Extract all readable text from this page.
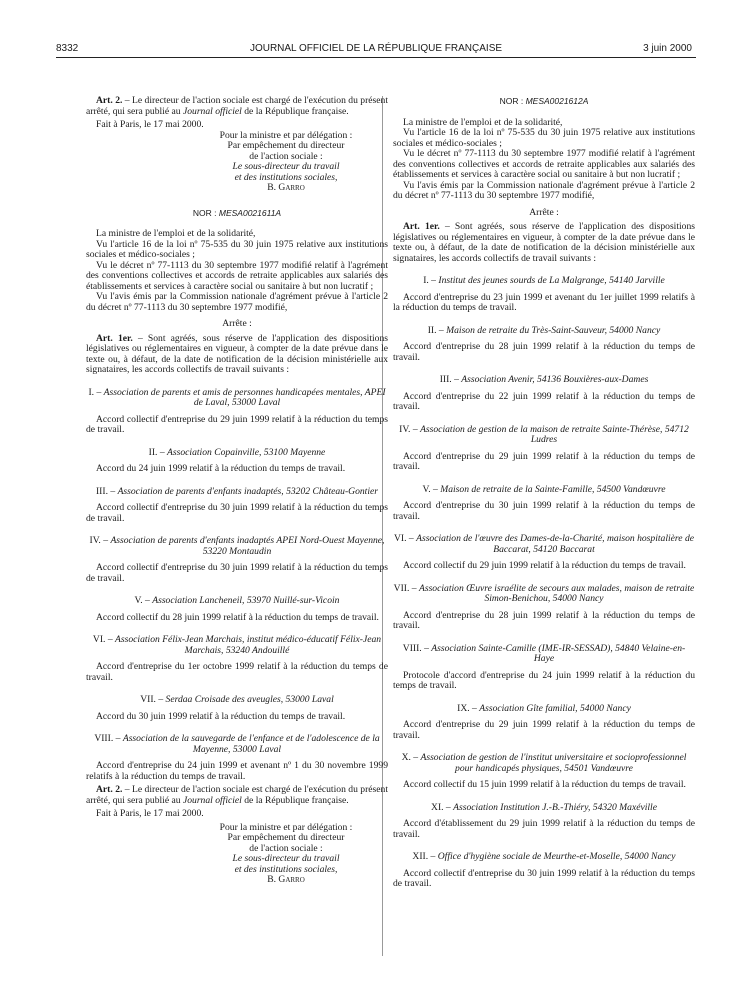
8332	JOURNAL OFFICIEL DE LA RÉPUBLIQUE FRANÇAISE	3 juin 2000

Art. 2. – Le directeur de l'action sociale est chargé de l'exécution du présent arrêté, qui sera publié au Journal officiel de la République française.

Fait à Paris, le 17 mai 2000.

Pour la ministre et par délégation :

Par empêchement du directeur

de l'action sociale :

Le sous-directeur du travail

et des institutions sociales,

B. Garro

NOR : MESA0021611A

La ministre de l'emploi et de la solidarité,

Vu l'article 16 de la loi nº 75-535 du 30 juin 1975 relative aux institutions sociales et médico-sociales ;

Vu le décret nº 77-1113 du 30 septembre 1977 modifié relatif à l'agrément des conventions collectives et accords de retraite applicables aux salariés des établissements et services à caractère social ou sanitaire à but non lucratif ;

Vu l'avis émis par la Commission nationale d'agrément prévue à l'article 2 du décret nº 77-1113 du 30 septembre 1977 modifié,

Arrête :

Art. 1er. – Sont agréés, sous réserve de l'application des dispositions législatives ou réglementaires en vigueur, à compter de la date prévue dans le texte ou, à défaut, de la date de notification de la décision ministérielle aux signataires, les accords collectifs de travail suivants :

I. – Association de parents et amis de personnes handicapées mentales, APEI de Laval, 53000 Laval

Accord collectif d'entreprise du 29 juin 1999 relatif à la réduction du temps de travail.

II. – Association Copainville, 53100 Mayenne

Accord du 24 juin 1999 relatif à la réduction du temps de travail.

III. – Association de parents d'enfants inadaptés, 53202 Château-Gontier

Accord collectif d'entreprise du 30 juin 1999 relatif à la réduction du temps de travail.

IV. – Association de parents d'enfants inadaptés APEI Nord-Ouest Mayenne, 53220 Montaudin

Accord collectif d'entreprise du 30 juin 1999 relatif à la réduction du temps de travail.

V. – Association Lancheneil, 53970 Nuillé-sur-Vicoin

Accord collectif du 28 juin 1999 relatif à la réduction du temps de travail.

VI. – Association Félix-Jean Marchais, institut médico-éducatif Félix-Jean Marchais, 53240 Andouillé

Accord d'entreprise du 1er octobre 1999 relatif à la réduction du temps de travail.

VII. – Serdaa Croisade des aveugles, 53000 Laval

Accord du 30 juin 1999 relatif à la réduction du temps de travail.

VIII. – Association de la sauvegarde de l'enfance et de l'adolescence de la Mayenne, 53000 Laval

Accord d'entreprise du 24 juin 1999 et avenant nº 1 du 30 novembre 1999 relatifs à la réduction du temps de travail.

Art. 2. – Le directeur de l'action sociale est chargé de l'exécution du présent arrêté, qui sera publié au Journal officiel de la République française.

Fait à Paris, le 17 mai 2000.

Pour la ministre et par délégation :

Par empêchement du directeur

de l'action sociale :

Le sous-directeur du travail

et des institutions sociales,

B. Garro

NOR : MESA0021612A

La ministre de l'emploi et de la solidarité,

Vu l'article 16 de la loi nº 75-535 du 30 juin 1975 relative aux institutions sociales et médico-sociales ;

Vu le décret nº 77-1113 du 30 septembre 1977 modifié relatif à l'agrément des conventions collectives et accords de retraite applicables aux salariés des établissements et services à caractère social ou sanitaire à but non lucratif ;

Vu l'avis émis par la Commission nationale d'agrément prévue à l'article 2 du décret nº 77-1113 du 30 septembre 1977 modifié,

Arrête :

Art. 1er. – Sont agréés, sous réserve de l'application des dispositions législatives ou réglementaires en vigueur, à compter de la date prévue dans le texte ou, à défaut, de la date de notification de la décision ministérielle aux signataires, les accords collectifs de travail suivants :

I. – Institut des jeunes sourds de La Malgrange, 54140 Jarville

Accord d'entreprise du 23 juin 1999 et avenant du 1er juillet 1999 relatifs à la réduction du temps de travail.

II. – Maison de retraite du Très-Saint-Sauveur, 54000 Nancy

Accord d'entreprise du 28 juin 1999 relatif à la réduction du temps de travail.

III. – Association Avenir, 54136 Bouxières-aux-Dames

Accord d'entreprise du 22 juin 1999 relatif à la réduction du temps de travail.

IV. – Association de gestion de la maison de retraite Sainte-Thérèse, 54712 Ludres

Accord d'entreprise du 29 juin 1999 relatif à la réduction du temps de travail.

V. – Maison de retraite de la Sainte-Famille, 54500 Vandœuvre

Accord d'entreprise du 30 juin 1999 relatif à la réduction du temps de travail.

VI. – Association de l'œuvre des Dames-de-la-Charité, maison hospitalière de Baccarat, 54120 Baccarat

Accord collectif du 29 juin 1999 relatif à la réduction du temps de travail.

VII. – Association Œuvre israélite de secours aux malades, maison de retraite Simon-Benichou, 54000 Nancy

Accord d'entreprise du 28 juin 1999 relatif à la réduction du temps de travail.

VIII. – Association Sainte-Camille (IME-IR-SESSAD), 54840 Velaine-en-Haye

Protocole d'accord d'entreprise du 24 juin 1999 relatif à la réduction du temps de travail.

IX. – Association Gîte familial, 54000 Nancy

Accord d'entreprise du 29 juin 1999 relatif à la réduction du temps de travail.

X. – Association de gestion de l'institut universitaire et socioprofessionnel pour handicapés physiques, 54501 Vandœuvre

Accord collectif du 15 juin 1999 relatif à la réduction du temps de travail.

XI. – Association Institution J.-B.-Thiéry, 54320 Maxéville

Accord d'établissement du 29 juin 1999 relatif à la réduction du temps de travail.

XII. – Office d'hygiène sociale de Meurthe-et-Moselle, 54000 Nancy

Accord collectif d'entreprise du 30 juin 1999 relatif à la réduction du temps de travail.
